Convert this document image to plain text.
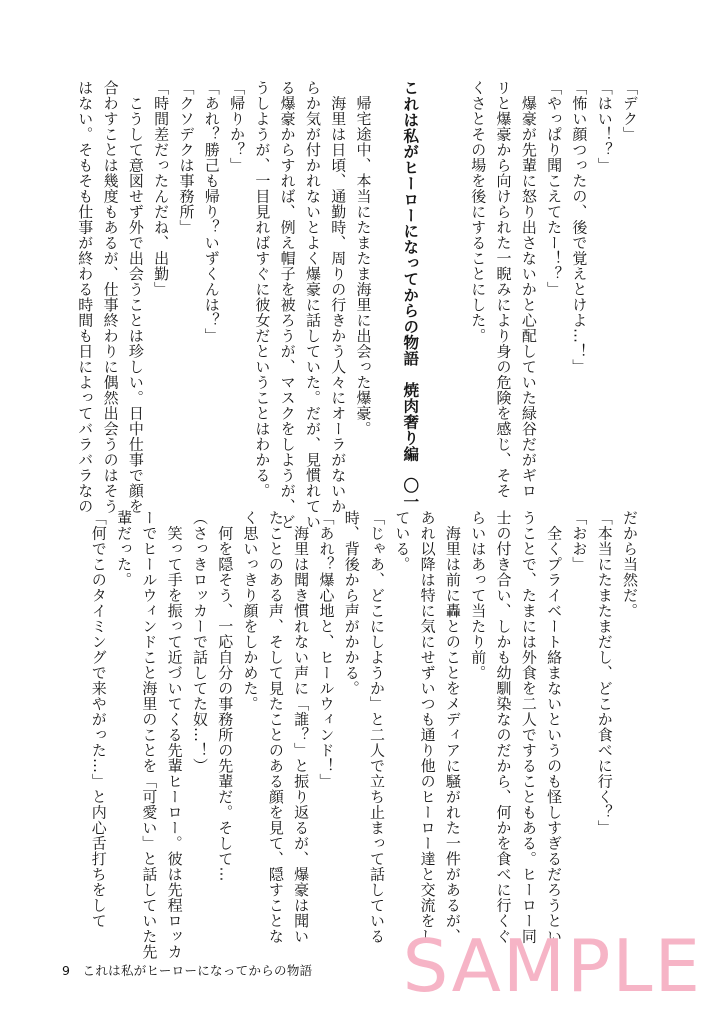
「デク」
「はい！？」
「怖い顔つったの、後で覚えとけよ…！」
「やっぱり聞こえてたー！？」
　爆豪が先輩に怒り出さないかと心配していた緑谷だがギロ
リと爆豪から向けられた一睨みにより身の危険を感じ、そそ
くさとその場を後にすることにした。
これは私がヒーローになってからの物語　焼肉奢り編　〇一
　帰宅途中、本当にたまたま海里に出会った爆豪。
　海里は日頃、通勤時、周りの行きかう人々にオーラがないか
らか気が付かれないとよく爆豪に話していた。だが、見慣れてい
る爆豪からすれば、例え帽子を被ろうが、マスクをしようが、ど
うしようが、一目見ればすぐに彼女だということはわかる。
「帰りか？」
「あれ？勝己も帰り？いずくんは？」
「クソデクは事務所」
「時間差だったんだね、出勤」
　こうして意図せず外で出会うことは珍しい。日中仕事で顔を
合わすことは幾度もあるが、仕事終わりに偶然出会うのはそう
はない。そもそも仕事が終わる時間も日によってバラバラなの
だから当然だ。
「本当にたまたまだし、どこか食べに行く？」
「おお」
　全くプライベート絡まないというのも怪しすぎるだろうとい
うことで、たまには外食を二人ですることもある。ヒーロー同
士の付き合い、しかも幼馴染なのだから、何かを食べに行くぐ
らいはあって当たり前。
　海里は前に轟とのことをメディアに騒がれた一件があるが、
あれ以降は特に気にせずいつも通り他のヒーロー達と交流をし
ている。
「じゃあ、どこにしようか」と二人で立ち止まって話している
時、背後から声がかかる。
「あれ？爆心地と、ヒールウィンド！」
　海里は聞き慣れない声に「誰？」と振り返るが、爆豪は聞い
たことのある声、そして見たことのある顔を見て、隠すことな
く思いっきり顔をしかめた。
　何を隠そう、一応自分の事務所の先輩だ。そして…
（さっきロッカーで話してた奴…！）
　笑って手を振って近づいてくる先輩ヒーロー。彼は先程ロッカ
ーでヒールウィンドこと海里のことを「可愛い」と話していた先
輩だった。
「何でこのタイミングで来やがった…」と内心舌打ちをして
9 これは私がヒーローになってからの物語 SAMPLE
